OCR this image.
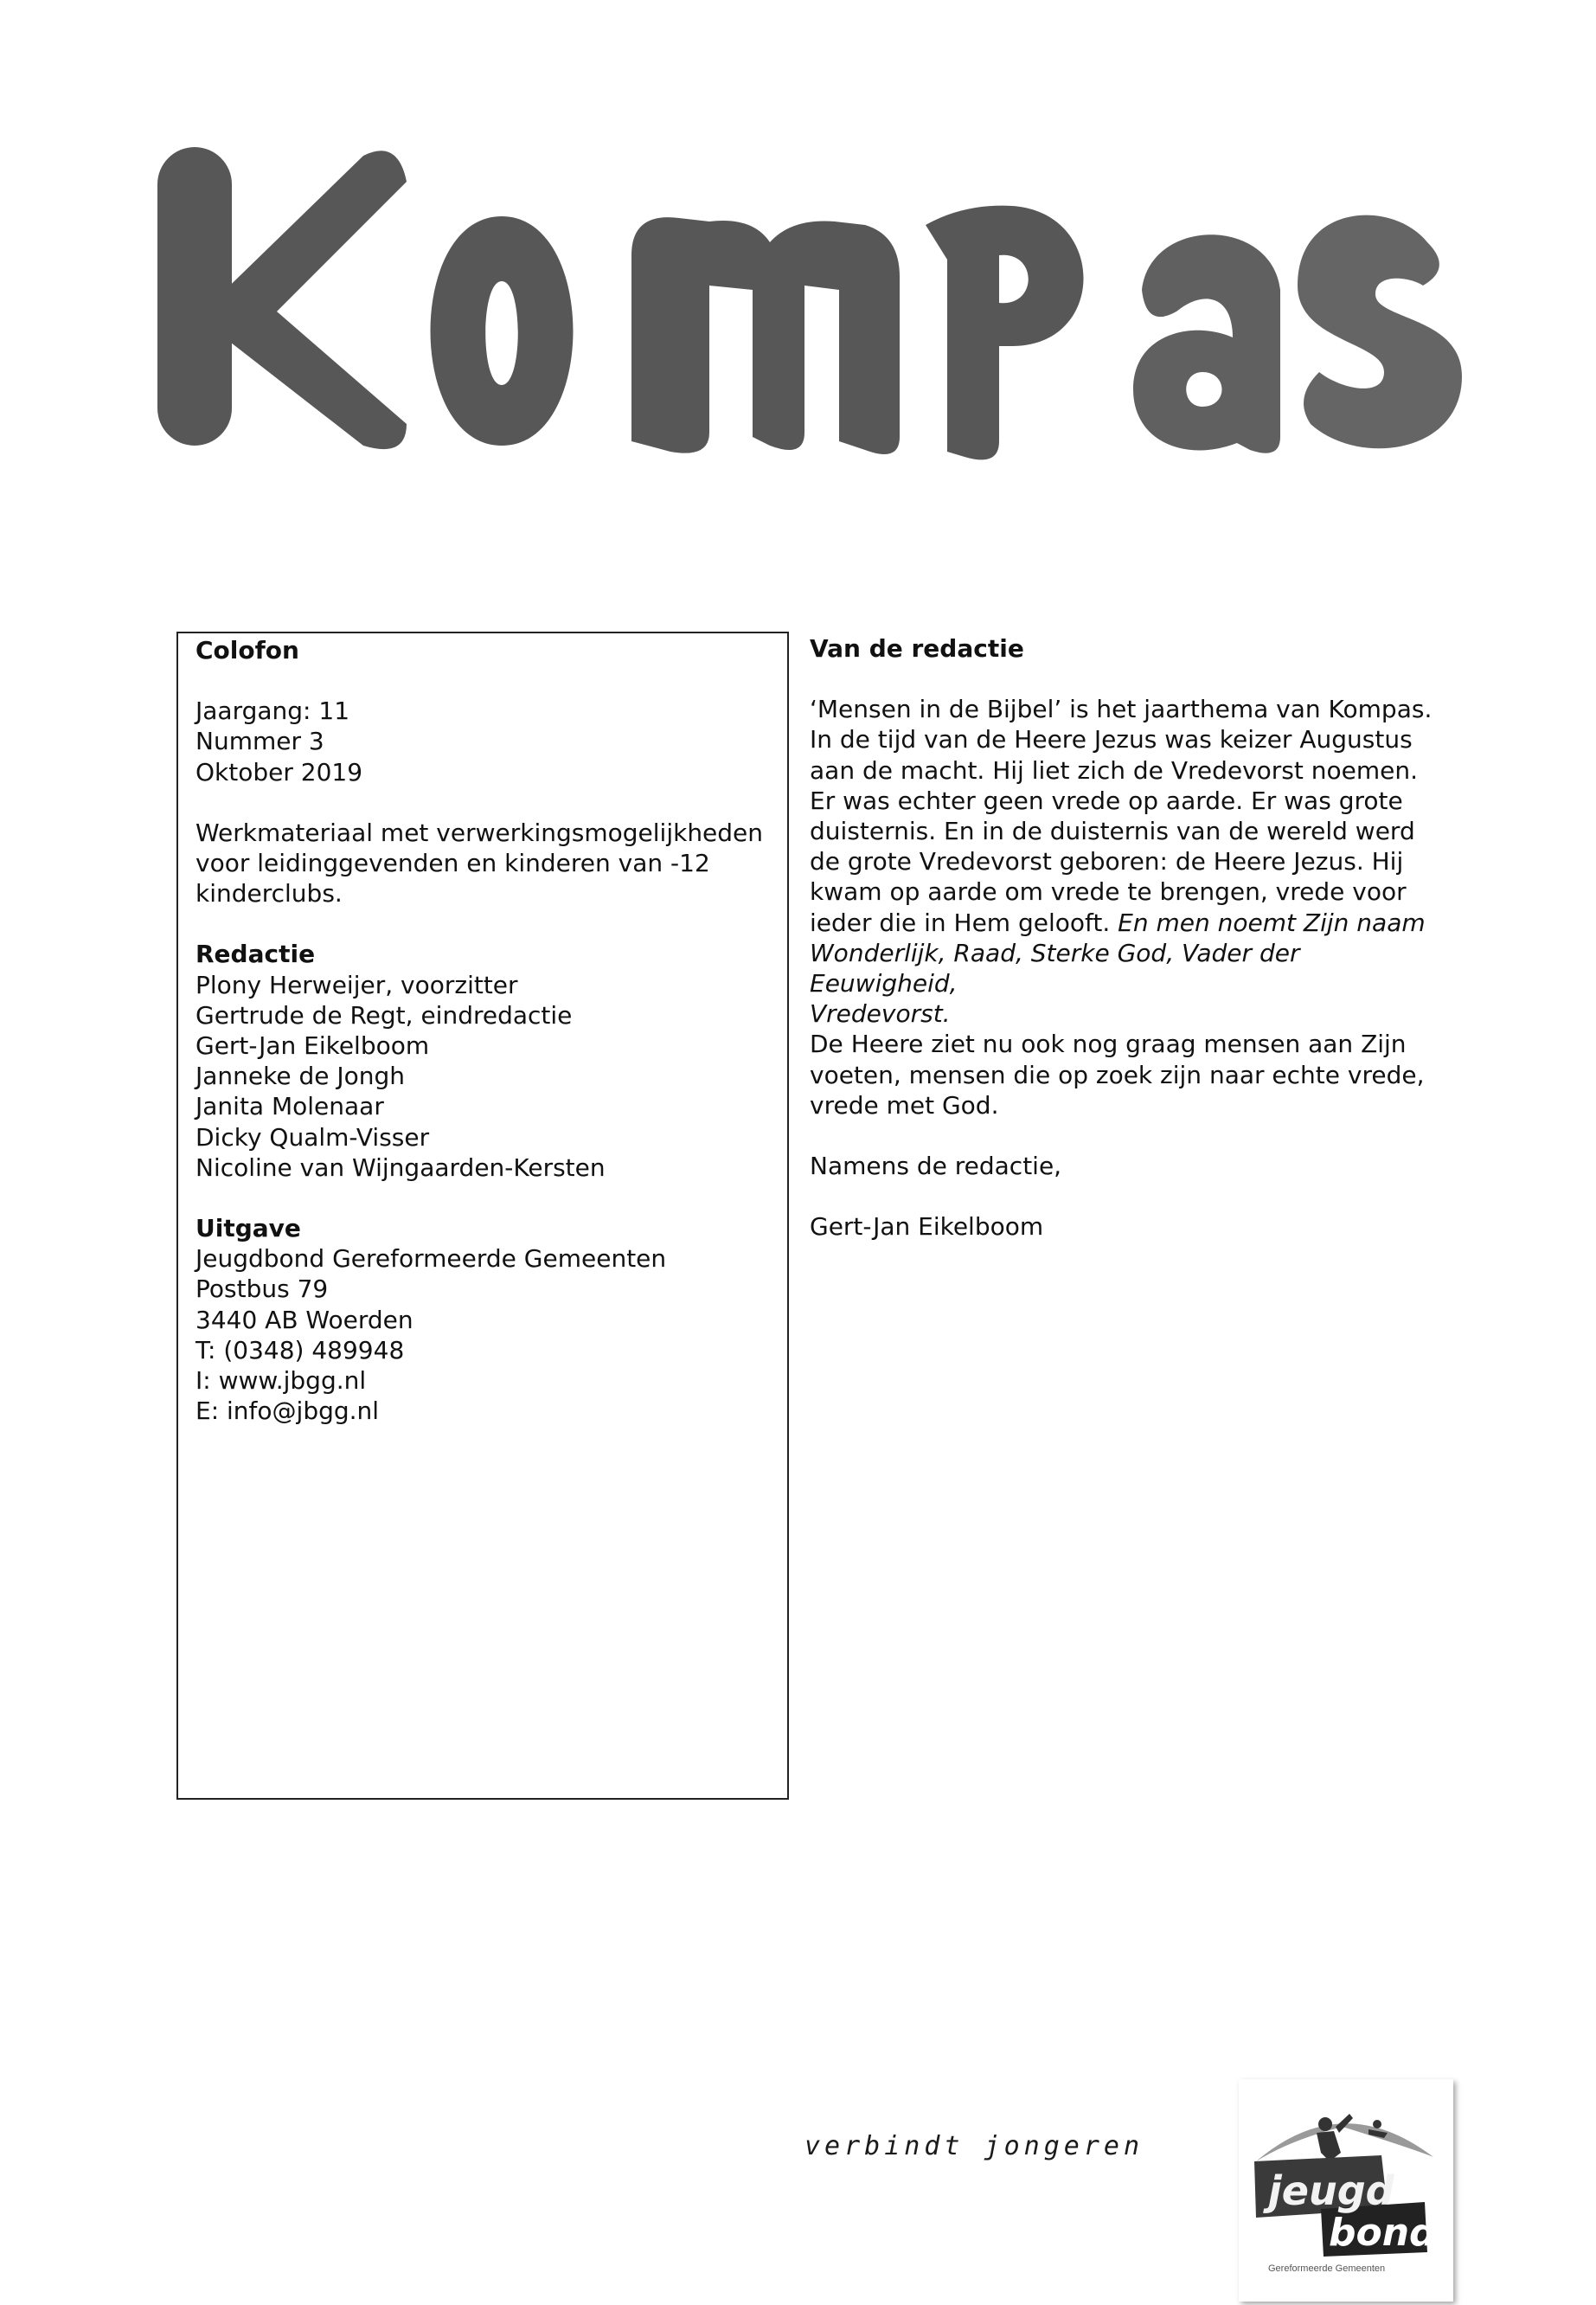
Colofon

Jaargang: 11

Nummer 3

Oktober 2019

Werkmateriaal met verwerkingsmogelijkheden

voor leidinggevenden en kinderen van -12

kinderclubs.

Redactie

Plony Herweijer, voorzitter

Gertrude de Regt, eindredactie

Gert-Jan Eikelboom

Janneke de Jongh

Janita Molenaar

Dicky Qualm-Visser

Nicoline van Wijngaarden-Kersten

Uitgave

Jeugdbond Gereformeerde Gemeenten

Postbus 79

3440 AB Woerden

T: (0348) 489948

I: www.jbgg.nl

E: info@jbgg.nl

Van de redactie

‘Mensen in de Bijbel’ is het jaarthema van Kompas.

In de tijd van de Heere Jezus was keizer Augustus

aan de macht. Hij liet zich de Vredevorst noemen.

Er was echter geen vrede op aarde. Er was grote

duisternis. En in de duisternis van de wereld werd

de grote Vredevorst geboren: de Heere Jezus. Hij

kwam op aarde om vrede te brengen, vrede voor

ieder die in Hem gelooft. En men noemt Zijn naam

Wonderlijk, Raad, Sterke God, Vader der Eeuwigheid,

Vredevorst.

De Heere ziet nu ook nog graag mensen aan Zijn

voeten, mensen die op zoek zijn naar echte vrede,

vrede met God.

Namens de redactie,

Gert-Jan Eikelboom

verbindt jongeren
jeugd
bond
Gereformeerde Gemeenten
